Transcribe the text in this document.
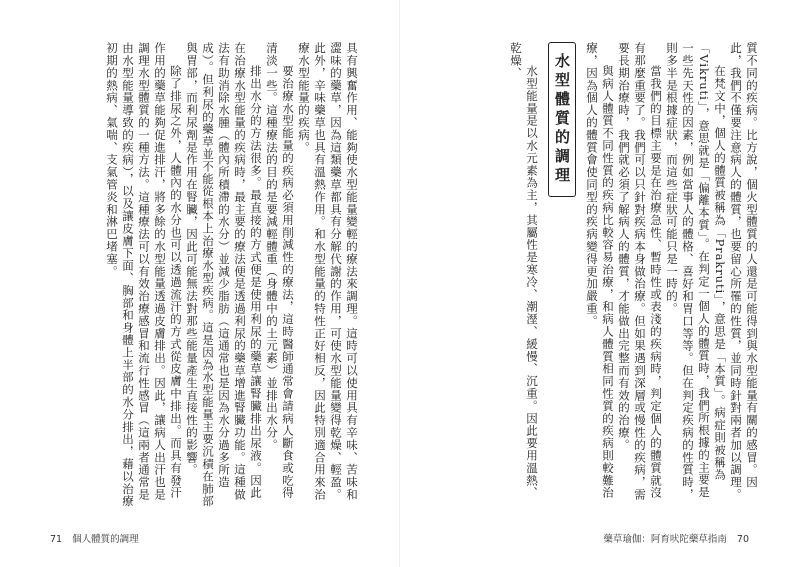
質不同的疾病。比方說，個火型體質的人還是可能得到與水型能量有關的感冒。因此，我們不僅要注意病人的體質，也要留心所罹的性質，並同時針對兩者加以調理。

在梵文中，個人的體質被稱為「Prakruti」，意思是「本質」。病症則被稱為「Vikruti」，意思就是「偏離本質」。在判定一個人的體質時，我們所根據的主要是一些先天性的因素，例如當事人的體格、喜好和胃口等等。但在判定疾病的性質時，則多半是根據症狀，而這些症狀可能只是一時的。

當我們的目標主要是在治療急性、暫時性或表淺的疾病時，判定個人的體質就沒有那麼重要了。我們可以只針對疾病本身做治療。但如果遇到深層或慢性的疾病，需要長期治療時，我們就必須了解病人的體質，才能做出完整而有效的治療。

與病人體質不同性質的疾病比較容易治療，和病人體質相同性質的疾病則較難治療，因為個人的體質會使同型的疾病變得更加嚴重。

水型體質的調理

水型能量是以水元素為主，其屬性是寒冷、潮溼、緩慢、沉重。因此要用溫熱、乾燥、

藥草瑜伽：阿育吠陀藥草指南 70

具有興奮作用、能夠使水型能量變輕的療法來調理。這時可以使用具有辛味、苦味和澀味的藥草，因為這類藥草都具有分解代謝的作用，可使水型能量變得乾燥、輕盈。此外，辛味藥草也具有溫熱作用。和水型能量的特性正好相反，因此特別適合用來治療水型能量的疾病。

要治療水型能量的疾病必須用削減性的療法，這時醫師通常會請病人斷食或吃得清淡一些。這種療法的目的是要減輕體重（身體中的土元素）並排出水分。

排出水分的方法很多。最直接的方式便是使用利尿的藥草讓腎臟排出尿液。因此在治療水型能量的疾病時，最主要的療法便是透過利尿的藥草增進腎臟功能。這種做法有助消除水腫（體內所積滯的水分）並減少脂肪（這通常也是因為水分過多所造成）。但利尿的藥草並不能從根本上治療水型疾病。這是因為水型能量主要沉積在肺部與胃部，而利尿劑是作用在腎臟，因此可能無法對那些能量產生直接性的影響。

除了排尿之外，人體內的水分也可以透過流汗的方式從皮膚中排出。而具有發汗作用的藥草能夠促進排汗，將多餘的水型能量透過皮膚排出。因此，讓病人出汗也是調理水型體質的一種方法。這種療法可以有效治療感冒和流行性感冒（這兩者通常是由水型能量導致的疾病），以及讓皮膚下面、胸部和身體上半部的水分排出，藉以治療初期的熱病、氣喘、支氣管炎和淋巴堵塞。

71 個人體質的調理
